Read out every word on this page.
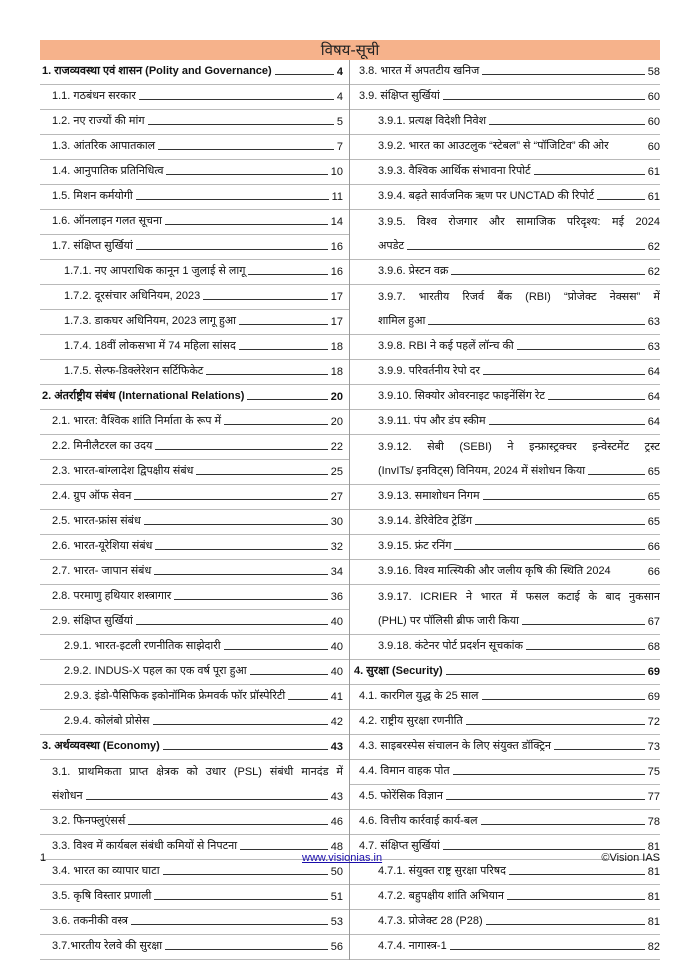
विषय-सूची
1. राजव्यवस्था एवं शासन (Polity and Governance)	4
1.1. गठबंधन सरकार	4
1.2. नए राज्यों की मांग	5
1.3. आंतरिक आपातकाल	7
1.4. आनुपातिक प्रतिनिधित्व	10
1.5. मिशन कर्मयोगी	11
1.6. ऑनलाइन गलत सूचना	14
1.7. संक्षिप्त सुर्खियां	16
1.7.1. नए आपराधिक कानून 1 जुलाई से लागू	16
1.7.2. दूरसंचार अधिनियम, 2023	17
1.7.3. डाकघर अधिनियम, 2023 लागू हुआ	17
1.7.4. 18वीं लोकसभा में 74 महिला सांसद	18
1.7.5. सेल्फ-डिक्लेरेशन सर्टिफिकेट	18
2. अंतर्राष्ट्रीय संबंध (International Relations)	20
2.1. भारत: वैश्विक शांति निर्माता के रूप में	20
2.2. मिनीलैटरल का उदय	22
2.3. भारत-बांग्लादेश द्विपक्षीय संबंध	25
2.4. ग्रुप ऑफ सेवन	27
2.5. भारत-फ्रांस संबंध	30
2.6. भारत-यूरेशिया संबंध	32
2.7. भारत- जापान संबंध	34
2.8. परमाणु हथियार शस्त्रागार	36
2.9. संक्षिप्त सुर्खियां	40
2.9.1. भारत-इटली रणनीतिक साझेदारी	40
2.9.2. INDUS-X पहल का एक वर्ष पूरा हुआ	40
2.9.3. इंडो-पैसिफिक इकोनॉमिक फ्रेमवर्क फॉर प्रॉस्पेरिटी	41
2.9.4. कोलंबो प्रोसेस	42
3. अर्थव्यवस्था (Economy)	43
3.1. प्राथमिकता प्राप्त क्षेत्रक को उधार (PSL) संबंधी मानदंड में
संशोधन	43
3.2. फिनफ्लुएंसर्स	46
3.3. विश्व में कार्यबल संबंधी कमियों से निपटना	48
3.4. भारत का व्यापार घाटा	50
3.5. कृषि विस्तार प्रणाली	51
3.6. तकनीकी वस्त्र	53
3.7.भारतीय रेलवे की सुरक्षा	56
3.8. भारत में अपतटीय खनिज	58
3.9. संक्षिप्त सुर्खियां	60
3.9.1. प्रत्यक्ष विदेशी निवेश	60
3.9.2. भारत का आउटलुक “स्टेबल” से “पॉजिटिव” की ओर	60
3.9.3. वैश्विक आर्थिक संभावना रिपोर्ट	61
3.9.4. बढ़ते सार्वजनिक ऋण पर UNCTAD की रिपोर्ट	61
3.9.5. विश्व रोजगार और सामाजिक परिदृश्य: मई 2024
अपडेट	62
3.9.6. प्रेस्टन वक्र	62
3.9.7. भारतीय रिजर्व बैंक (RBI) “प्रोजेक्ट नेक्सस” में
शामिल हुआ	63
3.9.8. RBI ने कई पहलें लॉन्च की	63
3.9.9. परिवर्तनीय रेपो दर	64
3.9.10. सिक्योर ओवरनाइट फाइनेंसिंग रेट	64
3.9.11. पंप और डंप स्कीम	64
3.9.12. सेबी (SEBI) ने इन्फ्रास्ट्रक्चर इन्वेस्टमेंट ट्रस्ट
(InvITs/ इनविट्स) विनियम, 2024 में संशोधन किया	65
3.9.13. समाशोधन निगम	65
3.9.14. डेरिवेटिव ट्रेडिंग	65
3.9.15. फ्रंट रनिंग	66
3.9.16. विश्व मात्स्यिकी और जलीय कृषि की स्थिति 2024	66
3.9.17. ICRIER ने भारत में फसल कटाई के बाद नुकसान
(PHL) पर पॉलिसी ब्रीफ जारी किया	67
3.9.18. कंटेनर पोर्ट प्रदर्शन सूचकांक	68
4. सुरक्षा (Security)	69
4.1. कारगिल युद्ध के 25 साल	69
4.2. राष्ट्रीय सुरक्षा रणनीति	72
4.3. साइबरस्पेस संचालन के लिए संयुक्त डॉक्ट्रिन	73
4.4. विमान वाहक पोत	75
4.5. फोरेंसिक विज्ञान	77
4.6. वित्तीय कार्रवाई कार्य-बल	78
4.7. संक्षिप्त सुर्खियां	81
4.7.1. संयुक्त राष्ट्र सुरक्षा परिषद	81
4.7.2. बहुपक्षीय शांति अभियान	81
4.7.3. प्रोजेक्ट 28 (P28)	81
4.7.4. नागास्त्र-1	82
1	www.visionias.in	©Vision IAS
